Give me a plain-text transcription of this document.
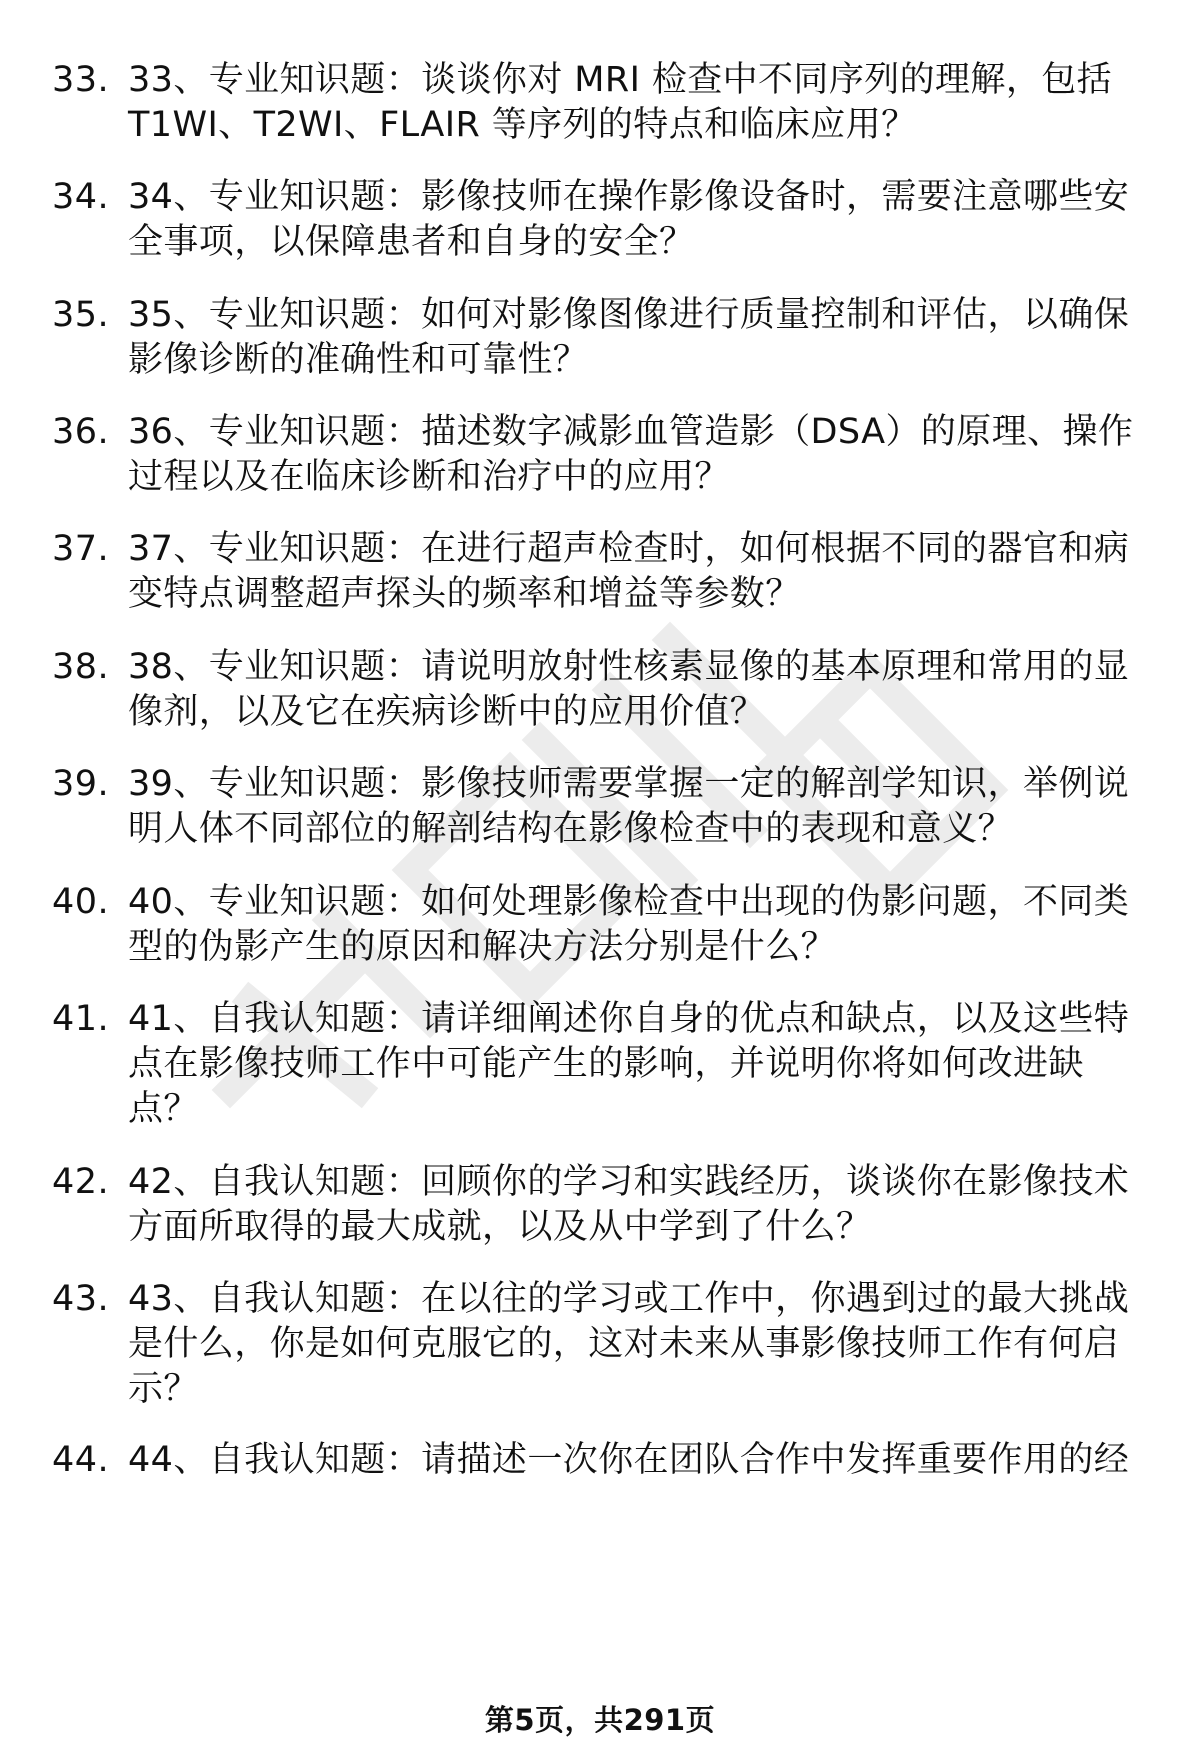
33. 33、专业知识题：谈谈你对 MRI 检查中不同序列的理解，包括 T1WI、T2WI、FLAIR 等序列的特点和临床应用？
34. 34、专业知识题：影像技师在操作影像设备时，需要注意哪些安全事项，以保障患者和自身的安全？
35. 35、专业知识题：如何对影像图像进行质量控制和评估，以确保影像诊断的准确性和可靠性？
36. 36、专业知识题：描述数字减影血管造影（DSA）的原理、操作过程以及在临床诊断和治疗中的应用？
37. 37、专业知识题：在进行超声检查时，如何根据不同的器官和病变特点调整超声探头的频率和增益等参数？
38. 38、专业知识题：请说明放射性核素显像的基本原理和常用的显像剂，以及它在疾病诊断中的应用价值？
39. 39、专业知识题：影像技师需要掌握一定的解剖学知识，举例说明人体不同部位的解剖结构在影像检查中的表现和意义？
40. 40、专业知识题：如何处理影像检查中出现的伪影问题，不同类型的伪影产生的原因和解决方法分别是什么？
41. 41、自我认知题：请详细阐述你自身的优点和缺点，以及这些特点在影像技师工作中可能产生的影响，并说明你将如何改进缺点？
42. 42、自我认知题：回顾你的学习和实践经历，谈谈你在影像技术方面所取得的最大成就，以及从中学到了什么？
43. 43、自我认知题：在以往的学习或工作中，你遇到过的最大挑战是什么，你是如何克服它的，这对未来从事影像技师工作有何启示？
44. 44、自我认知题：请描述一次你在团队合作中发挥重要作用的经
第5页，共291页
